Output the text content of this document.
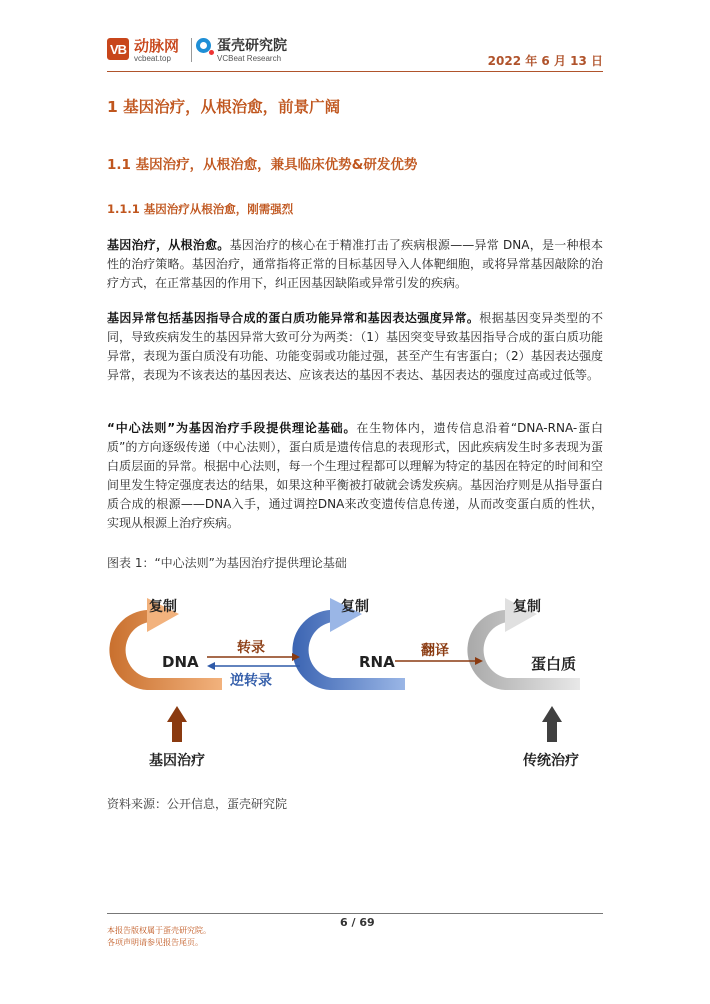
VB 动脉网
vcbeat.top
蛋壳研究院
VCBeat Research	2022 年 6 月 13 日
1 基因治疗，从根治愈，前景广阔
1.1 基因治疗，从根治愈，兼具临床优势&研发优势
1.1.1 基因治疗从根治愈，刚需强烈
基因治疗，从根治愈。基因治疗的核心在于精准打击了疾病根源——异常 DNA，是一种根本性的治疗策略。基因治疗，通常指将正常的目标基因导入人体靶细胞，或将异常基因敲除的治疗方式，在正常基因的作用下，纠正因基因缺陷或异常引发的疾病。
基因异常包括基因指导合成的蛋白质功能异常和基因表达强度异常。根据基因变异类型的不同，导致疾病发生的基因异常大致可分为两类：（1）基因突变导致基因指导合成的蛋白质功能异常，表现为蛋白质没有功能、功能变弱或功能过强，甚至产生有害蛋白；（2）基因表达强度异常，表现为不该表达的基因表达、应该表达的基因不表达、基因表达的强度过高或过低等。
“中心法则”为基因治疗手段提供理论基础。在生物体内，遗传信息沿着“DNA-RNA-蛋白质”的方向逐级传递（中心法则），蛋白质是遗传信息的表现形式，因此疾病发生时多表现为蛋白质层面的异常。根据中心法则，每一个生理过程都可以理解为特定的基因在特定的时间和空间里发生特定强度表达的结果，如果这种平衡被打破就会诱发疾病。基因治疗则是从指导蛋白质合成的根源——DNA入手，通过调控DNA来改变遗传信息传递，从而改变蛋白质的性状，实现从根源上治疗疾病。
图表 1：“中心法则”为基因治疗提供理论基础
复制	复制	复制
DNA	RNA	蛋白质
转录
逆转录
翻译
基因治疗	传统治疗
资料来源：公开信息，蛋壳研究院
6 / 69
本报告版权属于蛋壳研究院。
各项声明请参见报告尾页。
